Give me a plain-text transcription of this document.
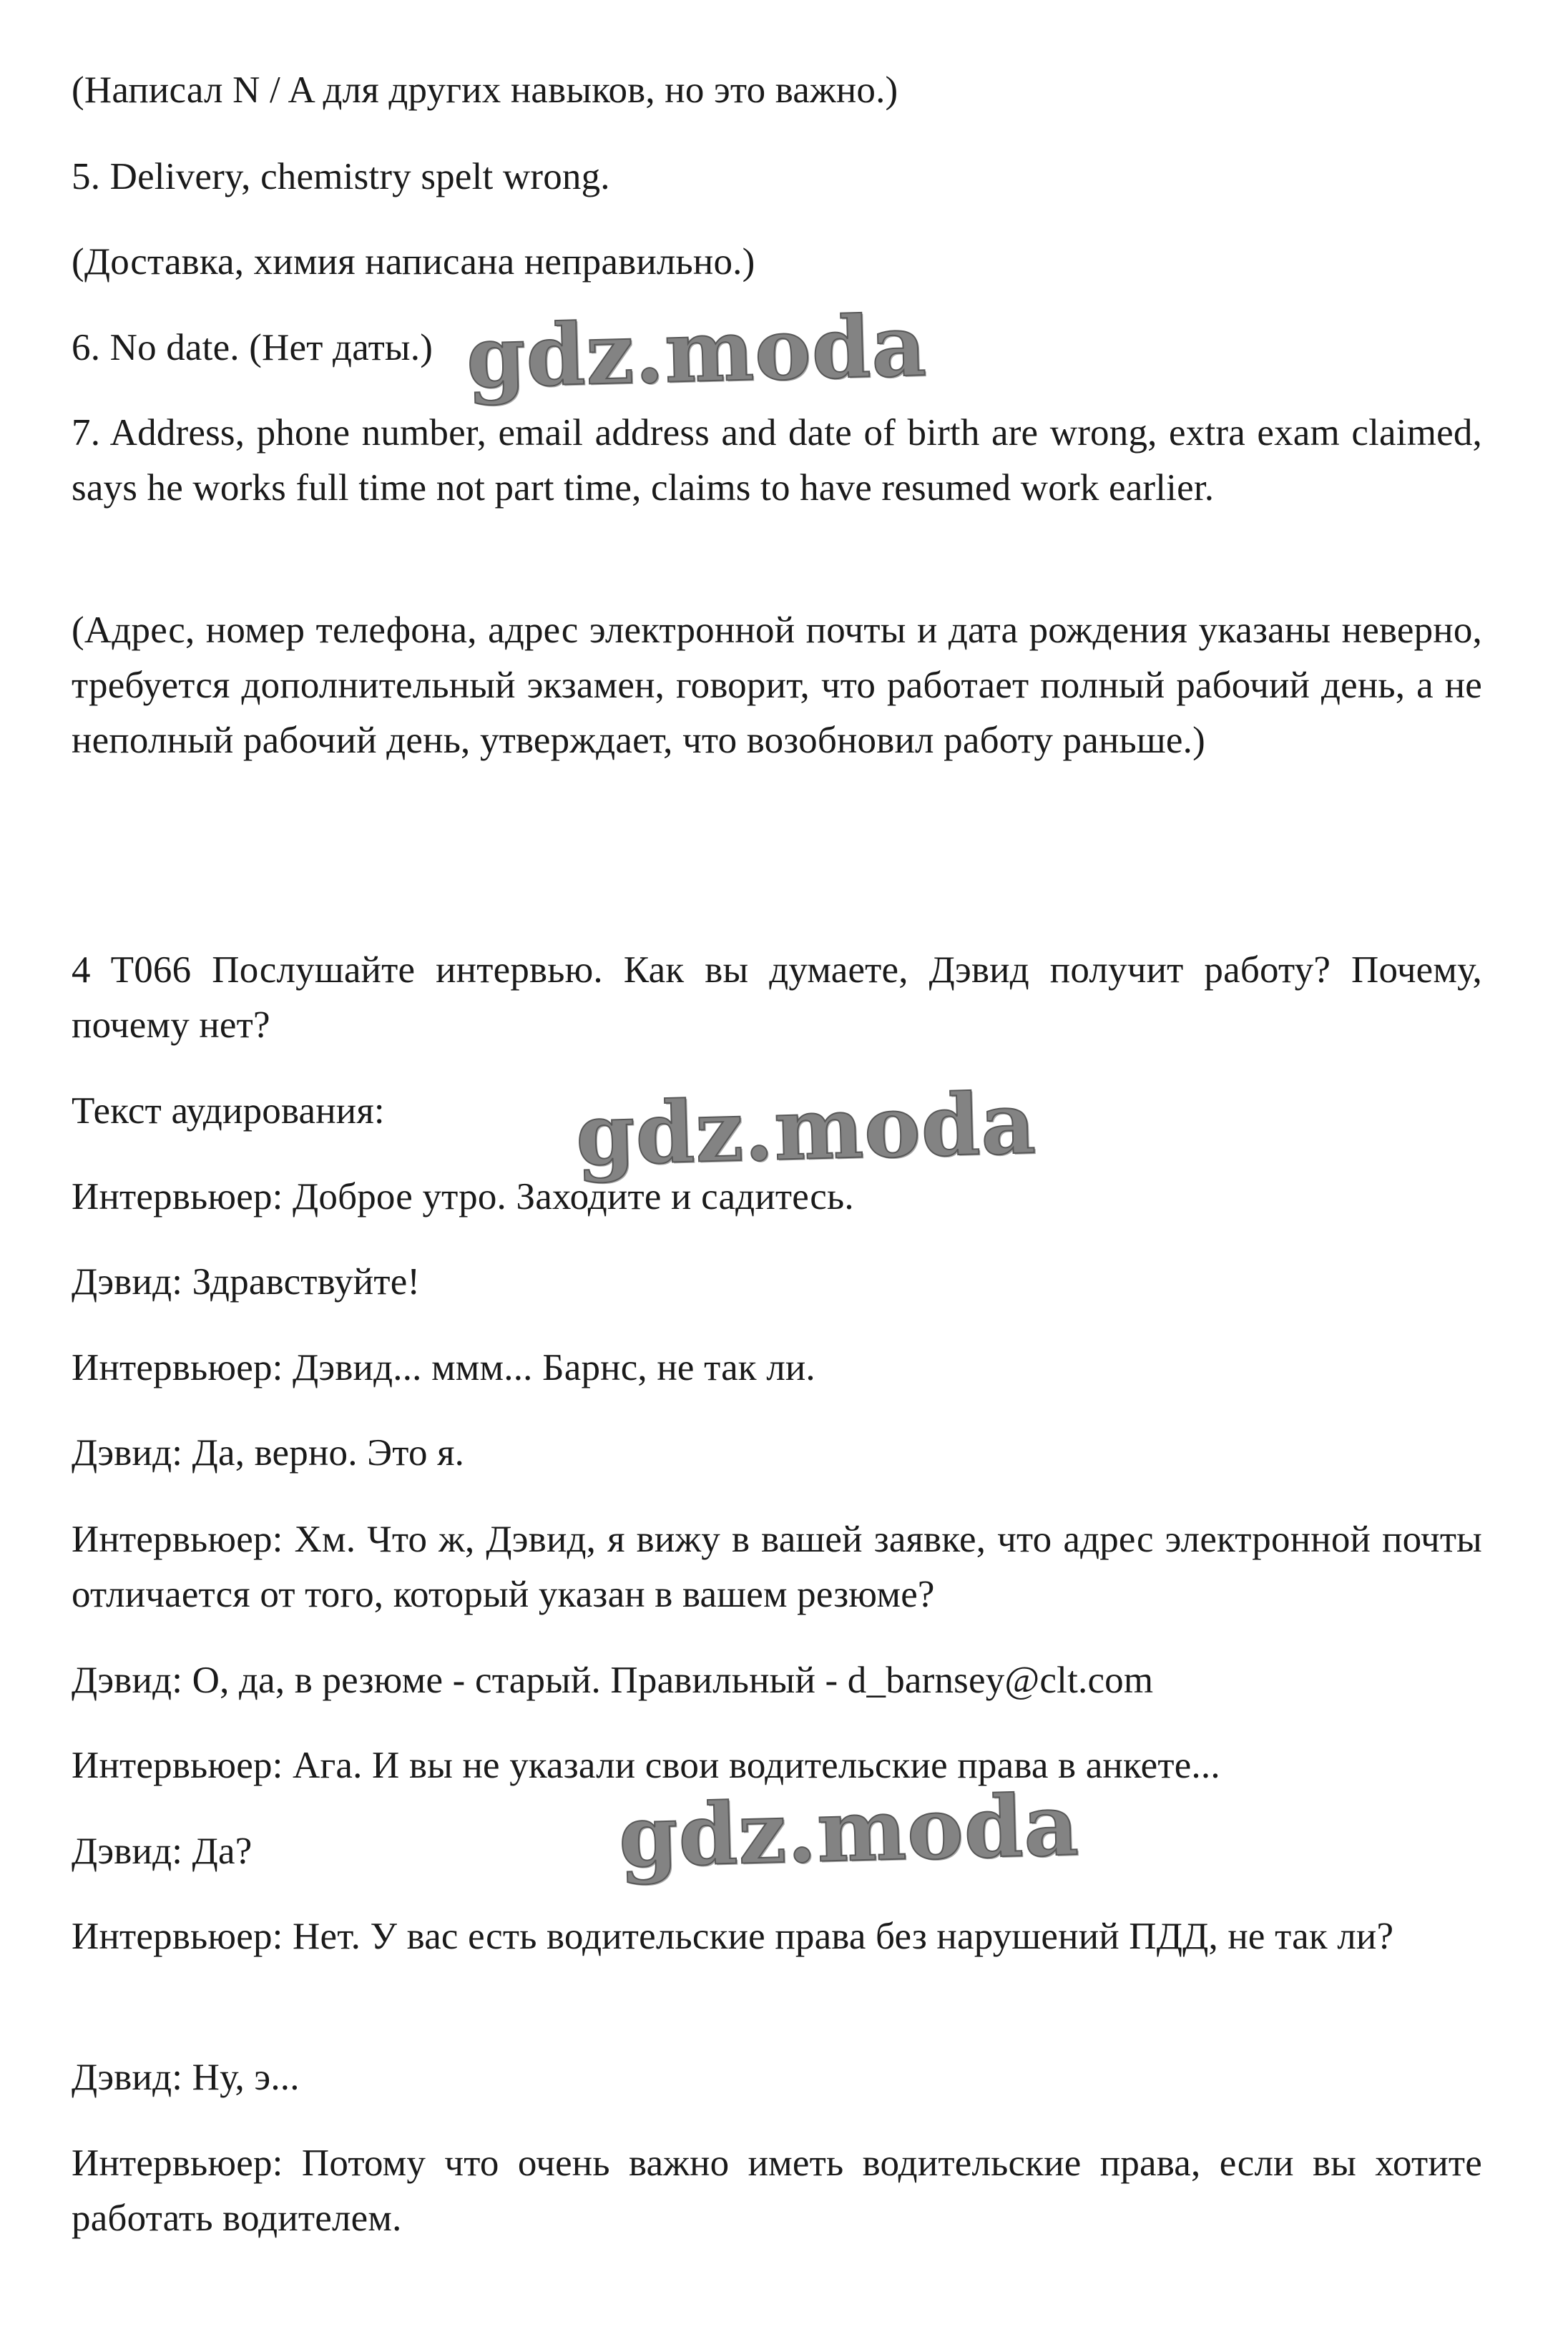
(Написал N / A для других навыков, но это важно.)

5. Delivery, chemistry spelt wrong.

(Доставка, химия написана неправильно.)

6. No date. (Нет даты.)

7. Address, phone number, email address and date of birth are wrong, extra exam claimed, says he works full time not part time, claims to have resumed work earlier.

(Адрес, номер телефона, адрес электронной почты и дата рождения указаны неверно, требуется дополнительный экзамен, говорит, что работает полный рабочий день, а не неполный рабочий день, утверждает, что возобновил работу раньше.)

4 T066 Послушайте интервью. Как вы думаете, Дэвид получит работу? Почему, почему нет?

Текст аудирования:

Интервьюер: Доброе утро. Заходите и садитесь.

Дэвид: Здравствуйте!

Интервьюер: Дэвид... ммм... Барнс, не так ли.

Дэвид: Да, верно. Это я.

Интервьюер: Хм. Что ж, Дэвид, я вижу в вашей заявке, что адрес электронной почты отличается от того, который указан в вашем резюме?

Дэвид: О, да, в резюме - старый. Правильный - d_barnsey@clt.com

Интервьюер: Ага. И вы не указали свои водительские права в анкете...

Дэвид: Да?

Интервьюер: Нет. У вас есть водительские права без нарушений ПДД, не так ли?

Дэвид: Ну, э...

Интервьюер: Потому что очень важно иметь водительские права, если вы хотите работать водителем.

gdz.moda
gdz.moda
gdz.moda
